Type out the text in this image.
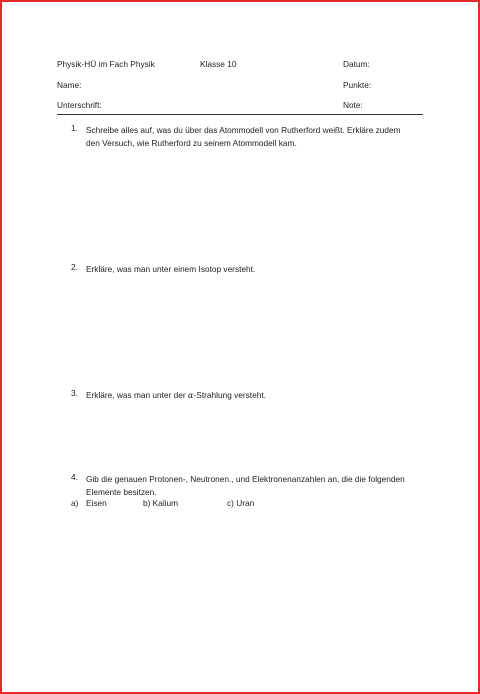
Physik-HÜ im Fach Physik	Klasse 10	Datum:
Name:	Punkte:
Unterschrift:	Note:
1. Schreibe alles auf, was du über das Atommodell von Rutherford weißt. Erkläre zudem den Versuch, wie Rutherford zu seinem Atommodell kam.
2. Erkläre, was man unter einem Isotop versteht.
3. Erkläre, was man unter der α-Strahlung versteht.
4. Gib die genauen Protonen-, Neutronen., und Elektronenanzahlen an, die die folgenden Elemente besitzen.
a) Eisen	b) Kalium	c) Uran
